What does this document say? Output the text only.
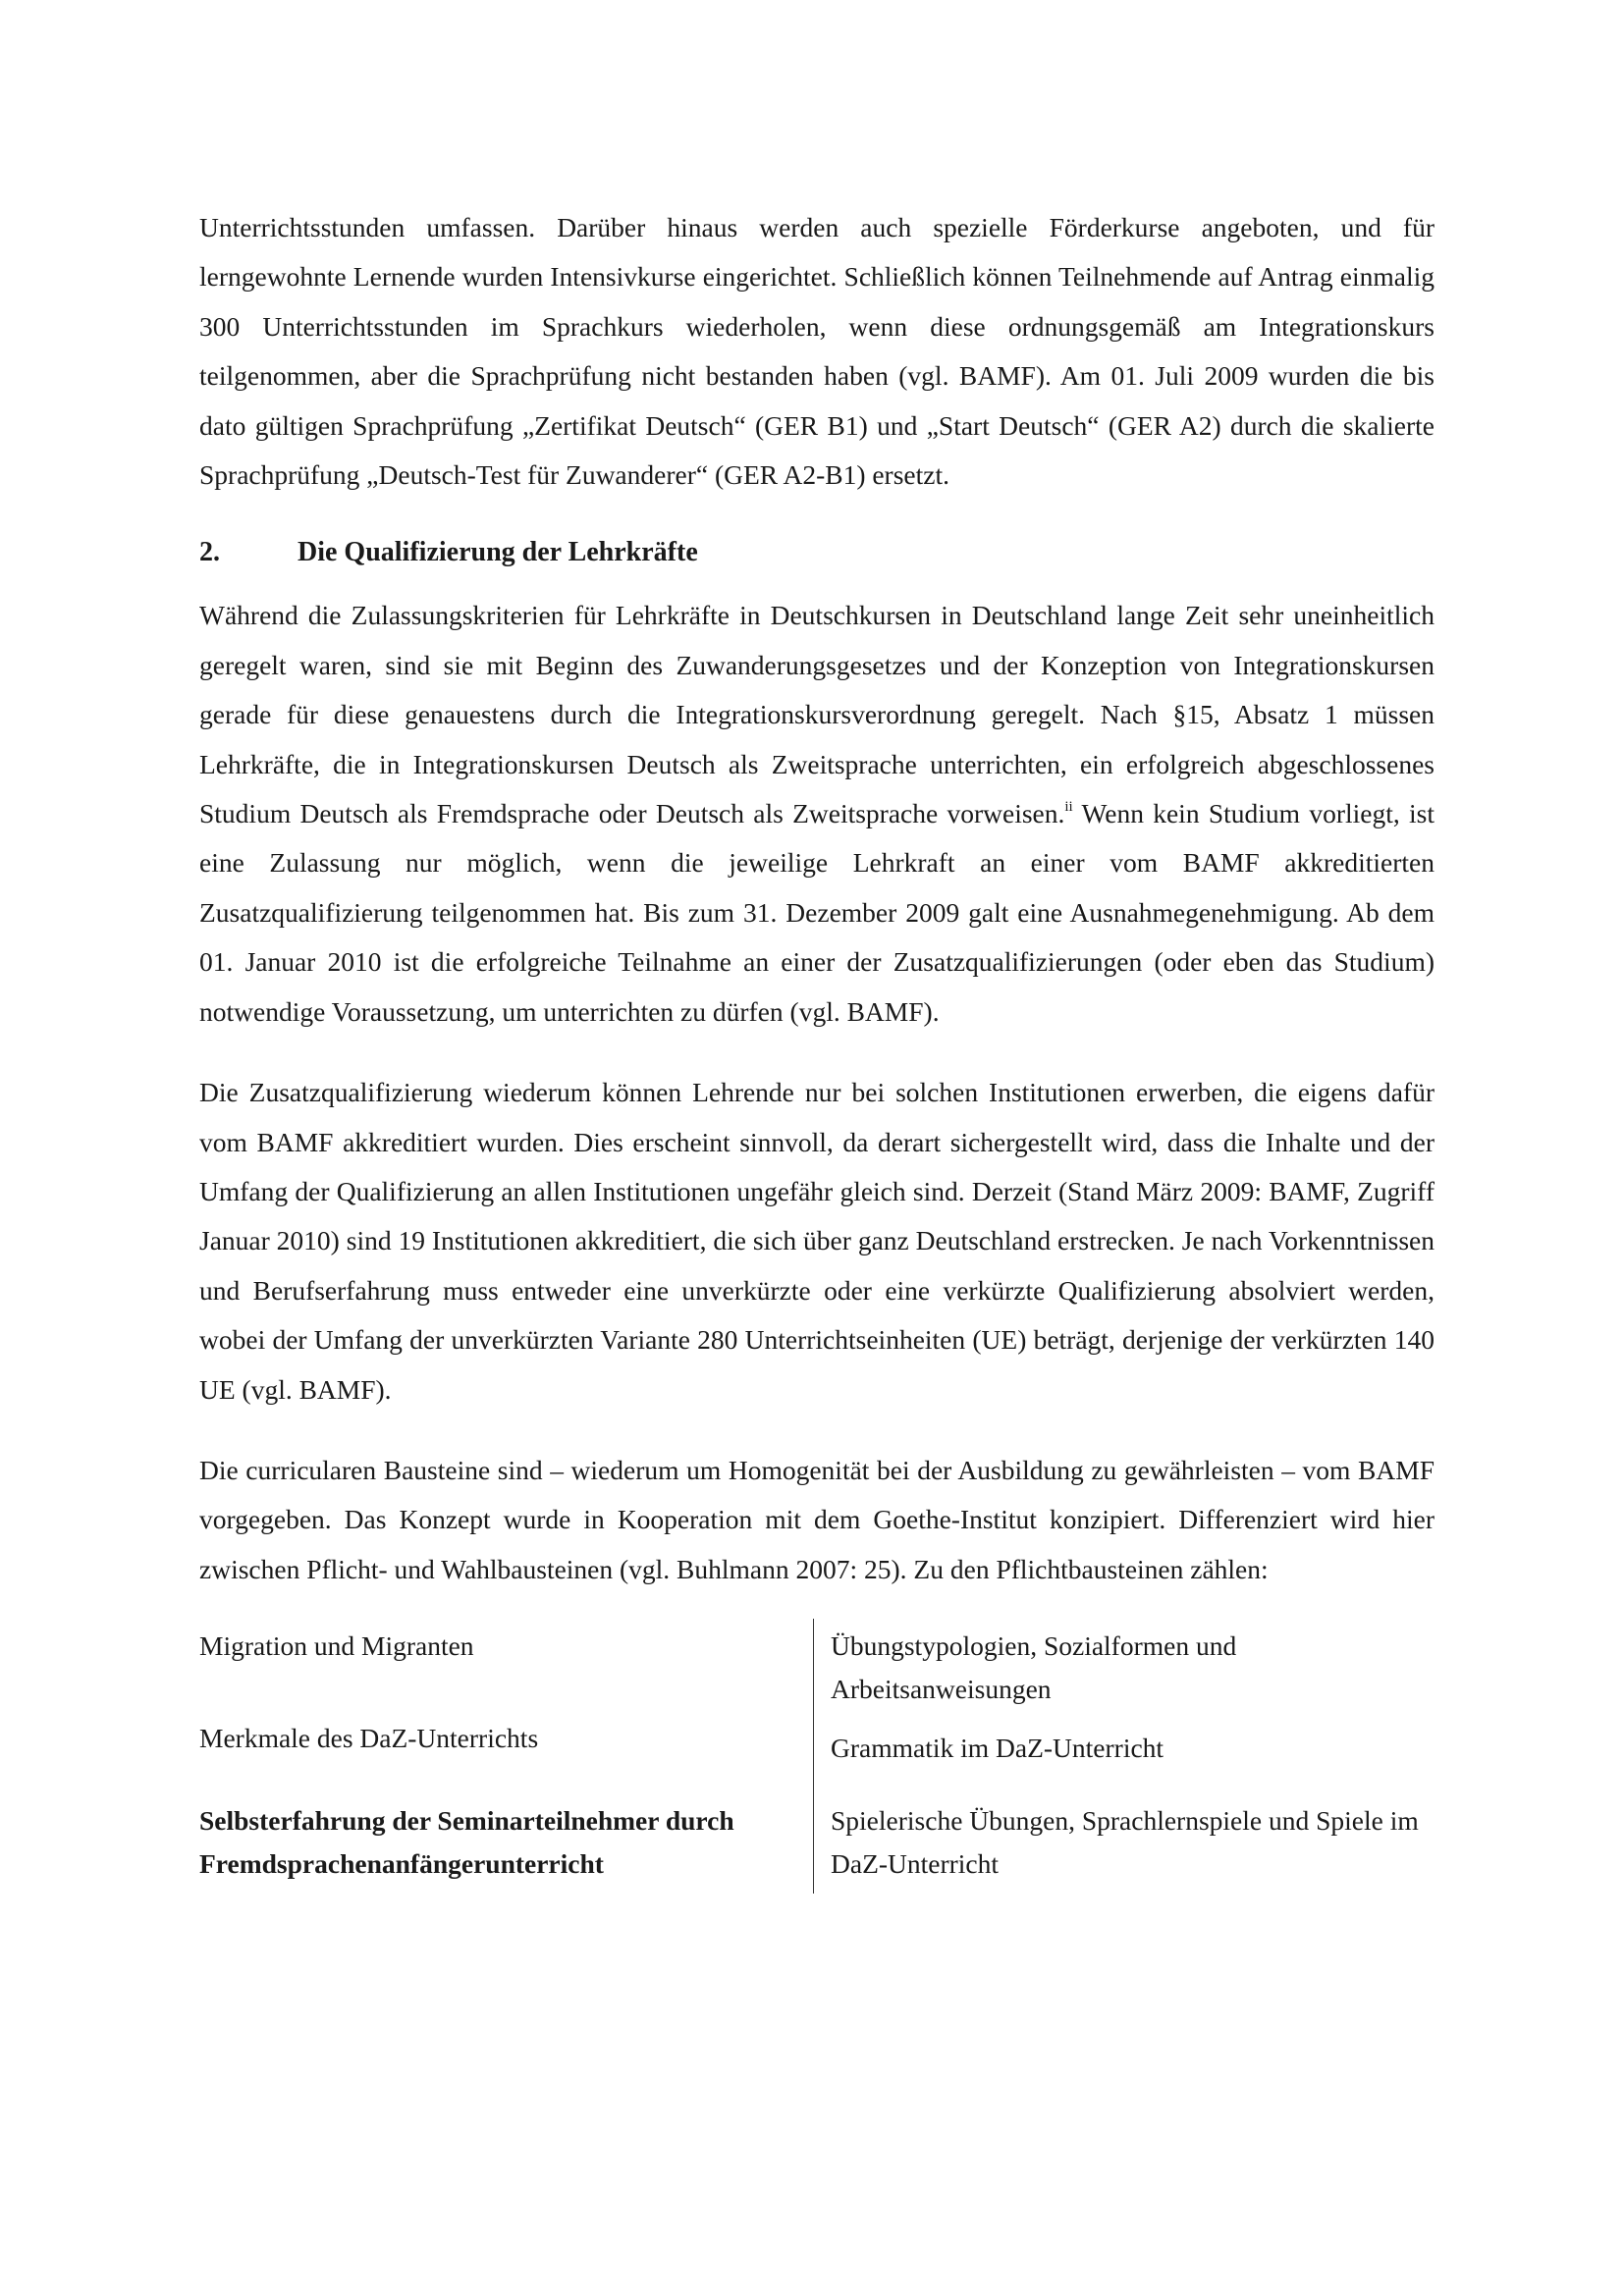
Unterrichtsstunden umfassen. Darüber hinaus werden auch spezielle Förderkurse angeboten, und für lerngewohnte Lernende wurden Intensivkurse eingerichtet. Schließlich können Teilnehmende auf Antrag einmalig 300 Unterrichtsstunden im Sprachkurs wiederholen, wenn diese ordnungsgemäß am Integrationskurs teilgenommen, aber die Sprachprüfung nicht bestanden haben (vgl. BAMF). Am 01. Juli 2009 wurden die bis dato gültigen Sprachprüfung „Zertifikat Deutsch“ (GER B1) und „Start Deutsch“ (GER A2) durch die skalierte Sprachprüfung „Deutsch-Test für Zuwanderer“ (GER A2-B1) ersetzt.

2.	Die Qualifizierung der Lehrkräfte

Während die Zulassungskriterien für Lehrkräfte in Deutschkursen in Deutschland lange Zeit sehr uneinheitlich geregelt waren, sind sie mit Beginn des Zuwanderungsgesetzes und der Konzeption von Integrationskursen gerade für diese genauestens durch die Integrationskursverordnung geregelt. Nach §15, Absatz 1 müssen Lehrkräfte, die in Integrationskursen Deutsch als Zweitsprache unterrichten, ein erfolgreich abgeschlossenes Studium Deutsch als Fremdsprache oder Deutsch als Zweitsprache vorweisen.$^{ii}$ Wenn kein Studium vorliegt, ist eine Zulassung nur möglich, wenn die jeweilige Lehrkraft an einer vom BAMF akkreditierten Zusatzqualifizierung teilgenommen hat. Bis zum 31. Dezember 2009 galt eine Ausnahmegenehmigung. Ab dem 01. Januar 2010 ist die erfolgreiche Teilnahme an einer der Zusatzqualifizierungen (oder eben das Studium) notwendige Voraussetzung, um unterrichten zu dürfen (vgl. BAMF).

Die Zusatzqualifizierung wiederum können Lehrende nur bei solchen Institutionen erwerben, die eigens dafür vom BAMF akkreditiert wurden. Dies erscheint sinnvoll, da derart sichergestellt wird, dass die Inhalte und der Umfang der Qualifizierung an allen Institutionen ungefähr gleich sind. Derzeit (Stand März 2009: BAMF, Zugriff Januar 2010) sind 19 Institutionen akkreditiert, die sich über ganz Deutschland erstrecken. Je nach Vorkenntnissen und Berufserfahrung muss entweder eine unverkürzte oder eine verkürzte Qualifizierung absolviert werden, wobei der Umfang der unverkürzten Variante 280 Unterrichtseinheiten (UE) beträgt, derjenige der verkürzten 140 UE (vgl. BAMF).

Die curricularen Bausteine sind – wiederum um Homogenität bei der Ausbildung zu gewährleisten – vom BAMF vorgegeben. Das Konzept wurde in Kooperation mit dem Goethe-Institut konzipiert. Differenziert wird hier zwischen Pflicht- und Wahlbausteinen (vgl. Buhlmann 2007: 25). Zu den Pflichtbausteinen zählen:

Migration und Migranten
Merkmale des DaZ-Unterrichts
Selbsterfahrung der Seminarteilnehmer durch Fremdsprachenanfängerunterricht
Übungstypologien, Sozialformen und Arbeitsanweisungen
Grammatik im DaZ-Unterricht
Spielerische Übungen, Sprachlernspiele und Spiele im DaZ-Unterricht
